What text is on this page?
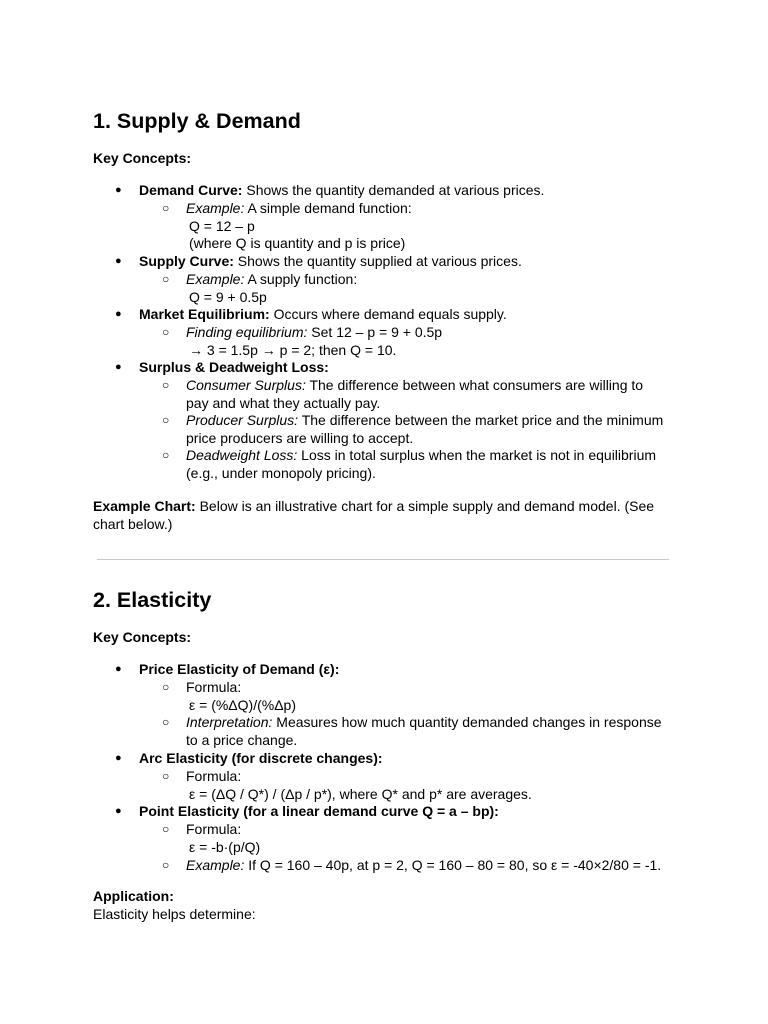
1. Supply & Demand
Key Concepts:
● Demand Curve: Shows the quantity demanded at various prices.
○ Example: A simple demand function:
Q = 12 – p
(where Q is quantity and p is price)
● Supply Curve: Shows the quantity supplied at various prices.
○ Example: A supply function:
Q = 9 + 0.5p
● Market Equilibrium: Occurs where demand equals supply.
○ Finding equilibrium: Set 12 – p = 9 + 0.5p
→ 3 = 1.5p → p = 2; then Q = 10.
● Surplus & Deadweight Loss:
○ Consumer Surplus: The difference between what consumers are willing to
pay and what they actually pay.
○ Producer Surplus: The difference between the market price and the minimum
price producers are willing to accept.
○ Deadweight Loss: Loss in total surplus when the market is not in equilibrium
(e.g., under monopoly pricing).
Example Chart: Below is an illustrative chart for a simple supply and demand model. (See
chart below.)
2. Elasticity
Key Concepts:
● Price Elasticity of Demand (ε):
○ Formula:
ε = (%ΔQ)/(%Δp)
○ Interpretation: Measures how much quantity demanded changes in response
to a price change.
● Arc Elasticity (for discrete changes):
○ Formula:
ε = (ΔQ / Q*) / (Δp / p*), where Q* and p* are averages.
● Point Elasticity (for a linear demand curve Q = a – bp):
○ Formula:
ε = -b·(p/Q)
○ Example: If Q = 160 – 40p, at p = 2, Q = 160 – 80 = 80, so ε = -40×2/80 = -1.
Application:
Elasticity helps determine:
